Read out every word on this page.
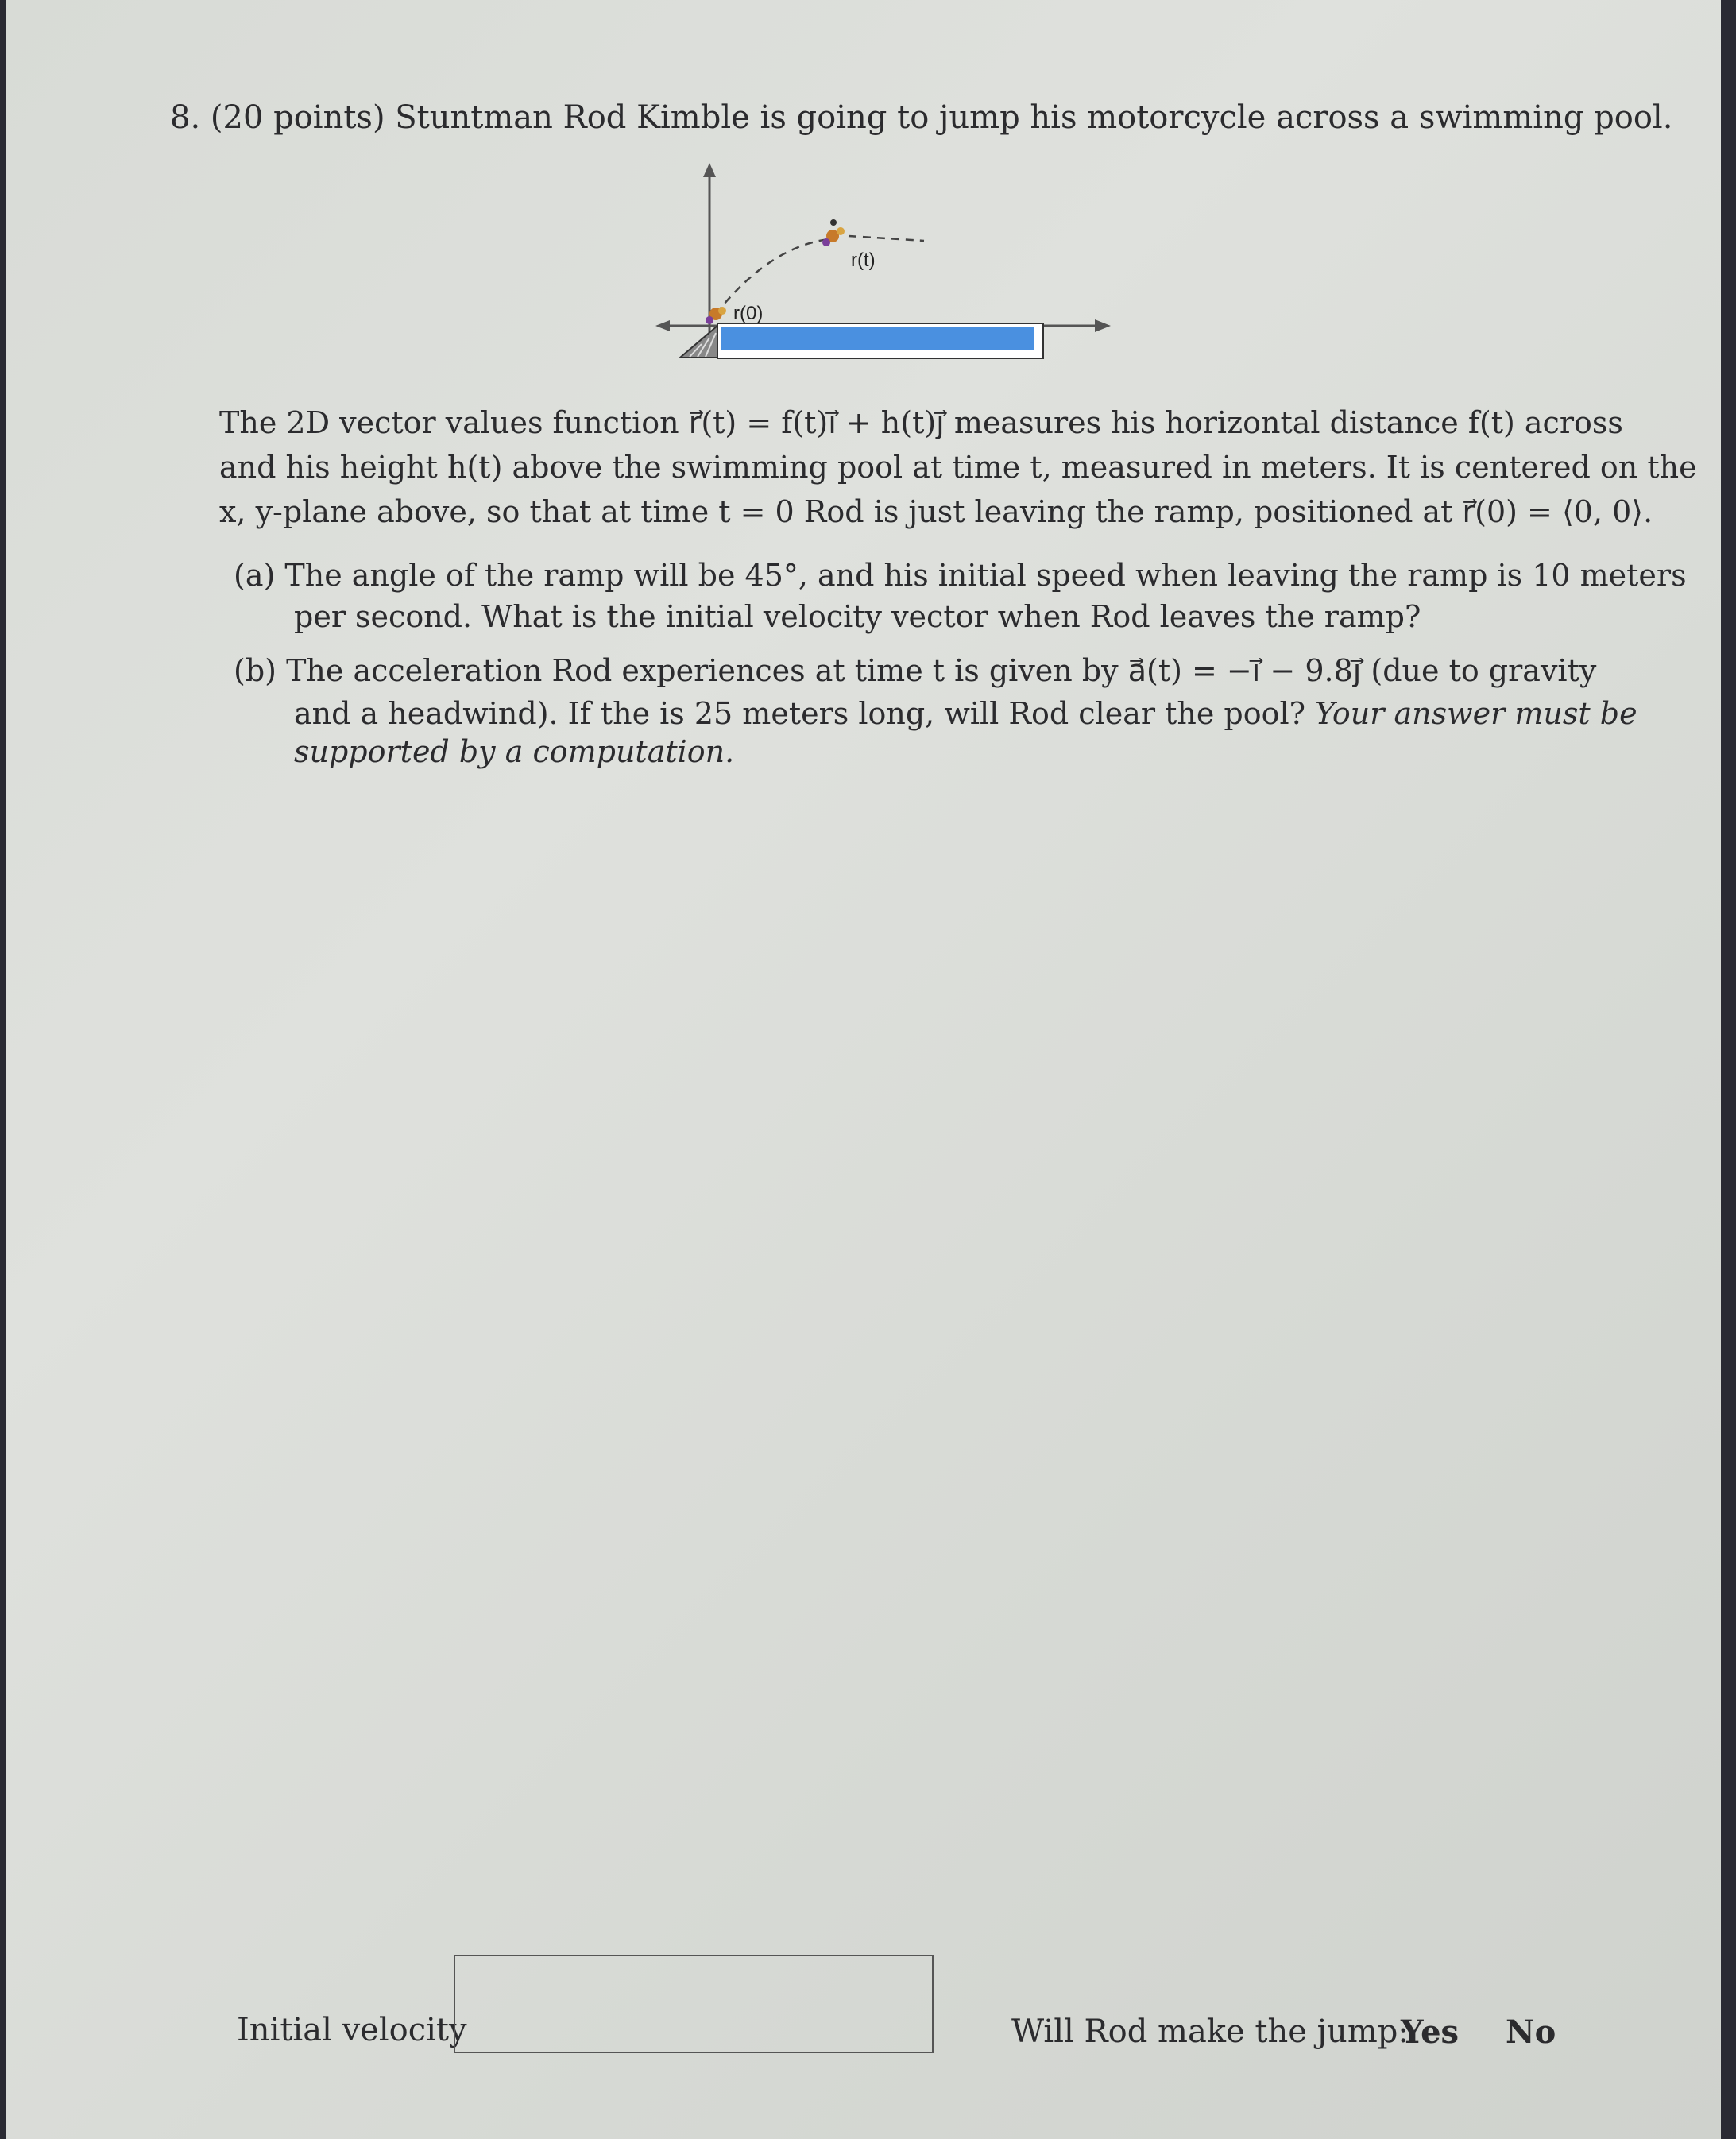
8. (20 points) Stuntman Rod Kimble is going to jump his motorcycle across a swimming pool.
r(0)
r(t)
The 2D vector values function r⃗(t) = f(t)ı⃗ + h(t)ȷ⃗ measures his horizontal distance f(t) across
and his height h(t) above the swimming pool at time t, measured in meters. It is centered on the
x, y-plane above, so that at time t = 0 Rod is just leaving the ramp, positioned at r⃗(0) = ⟨0, 0⟩.
(a) The angle of the ramp will be 45°, and his initial speed when leaving the ramp is 10 meters
per second. What is the initial velocity vector when Rod leaves the ramp?
(b) The acceleration Rod experiences at time t is given by a⃗(t) = −ı⃗ − 9.8ȷ⃗ (due to gravity
and a headwind). If the is 25 meters long, will Rod clear the pool? Your answer must be
supported by a computation.
Initial velocity	Will Rod make the jump:
Yes No
